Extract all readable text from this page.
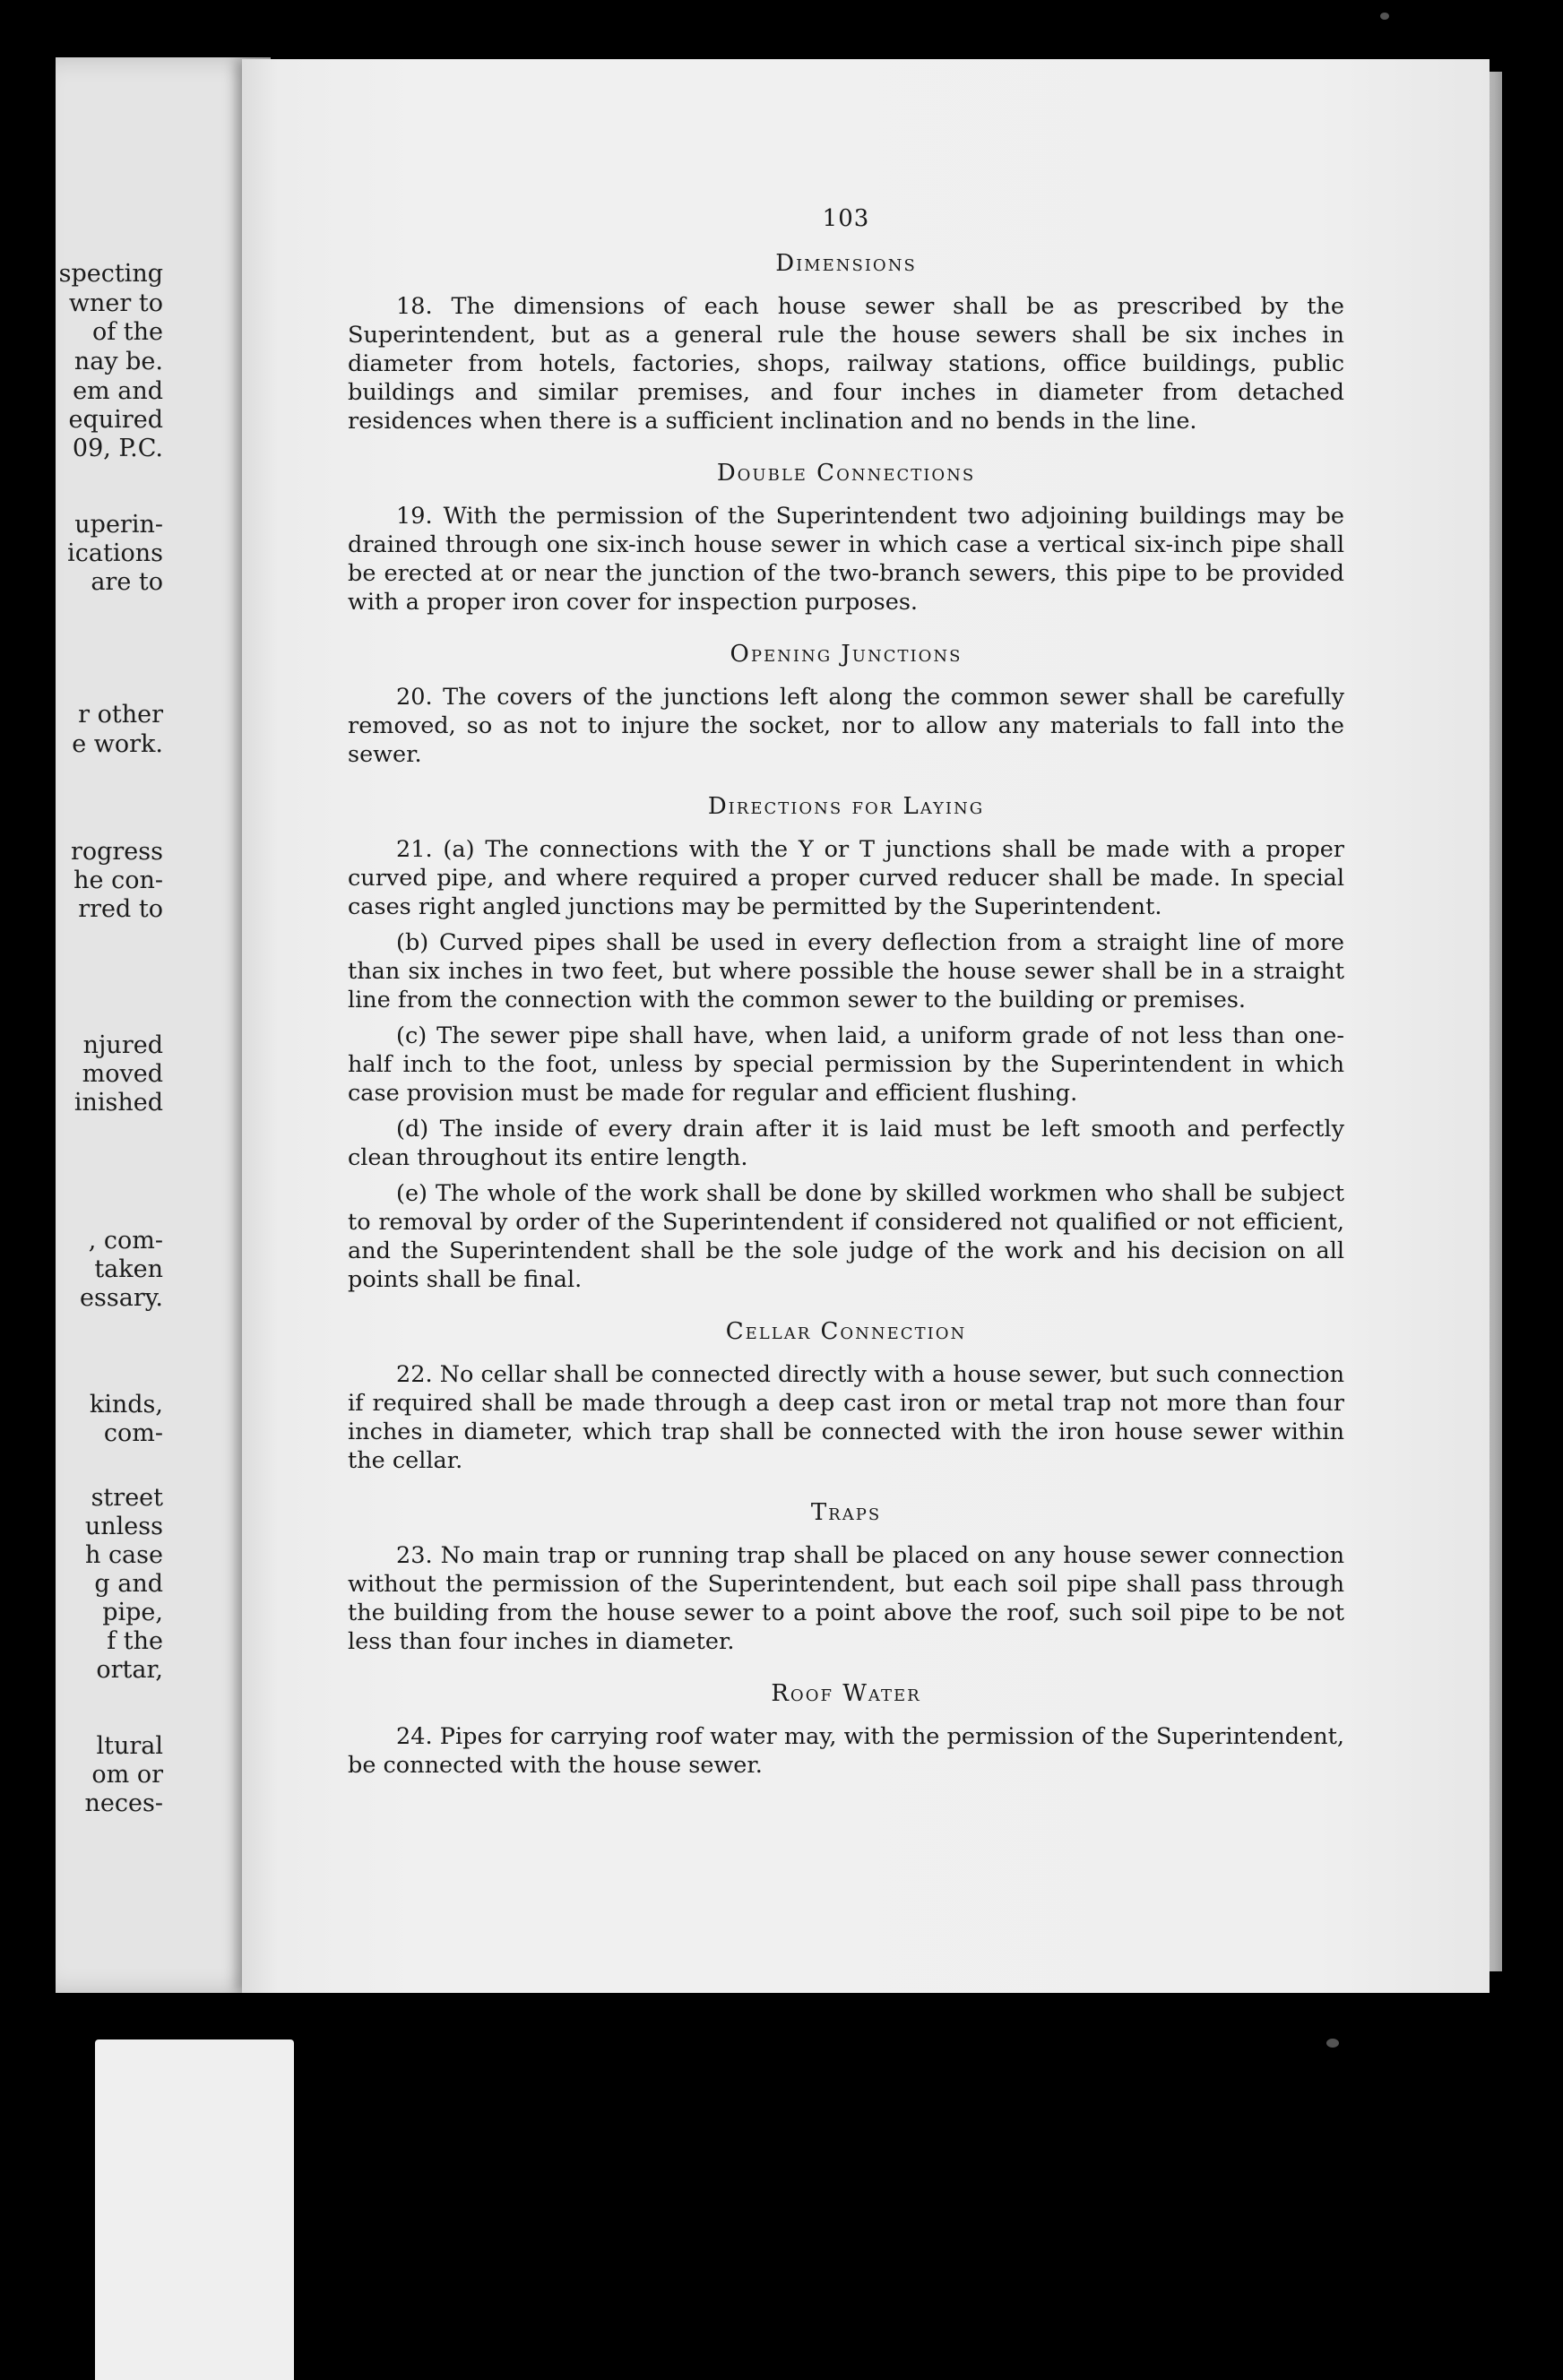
specting
wner to
of the
nay be.
em and
equired
09, P.C.
uperin-
ications
are to
r other
e work.
rogress
he con-
rred to
njured
moved
inished
, com-
taken
essary.
kinds,
com-
street
unless
h case
g and
pipe,
f the
ortar,
ltural
om or
neces-
103
Dimensions

18. The dimensions of each house sewer shall be as prescribed by the Superintendent, but as a general rule the house sewers shall be six inches in diameter from hotels, factories, shops, railway stations, office buildings, public buildings and similar premises, and four inches in diameter from detached residences when there is a sufficient inclination and no bends in the line.

Double Connections

19. With the permission of the Superintendent two adjoining buildings may be drained through one six-inch house sewer in which case a vertical six-inch pipe shall be erected at or near the junction of the two-branch sewers, this pipe to be provided with a proper iron cover for inspection purposes.

Opening Junctions

20. The covers of the junctions left along the common sewer shall be carefully removed, so as not to injure the socket, nor to allow any materials to fall into the sewer.

Directions for Laying

21. (a) The connections with the Y or T junctions shall be made with a proper curved pipe, and where required a proper curved reducer shall be made. In special cases right angled junctions may be permitted by the Superintendent.

(b) Curved pipes shall be used in every deflection from a straight line of more than six inches in two feet, but where possible the house sewer shall be in a straight line from the connection with the common sewer to the building or premises.

(c) The sewer pipe shall have, when laid, a uniform grade of not less than one-half inch to the foot, unless by special permission by the Superintendent in which case provision must be made for regular and efficient flushing.

(d) The inside of every drain after it is laid must be left smooth and perfectly clean throughout its entire length.

(e) The whole of the work shall be done by skilled workmen who shall be subject to removal by order of the Superintendent if considered not qualified or not efficient, and the Superintendent shall be the sole judge of the work and his decision on all points shall be final.

Cellar Connection

22. No cellar shall be connected directly with a house sewer, but such connection if required shall be made through a deep cast iron or metal trap not more than four inches in diameter, which trap shall be connected with the iron house sewer within the cellar.

Traps

23. No main trap or running trap shall be placed on any house sewer connection without the permission of the Superintendent, but each soil pipe shall pass through the building from the house sewer to a point above the roof, such soil pipe to be not less than four inches in diameter.

Roof Water

24. Pipes for carrying roof water may, with the permission of the Superintendent, be connected with the house sewer.
